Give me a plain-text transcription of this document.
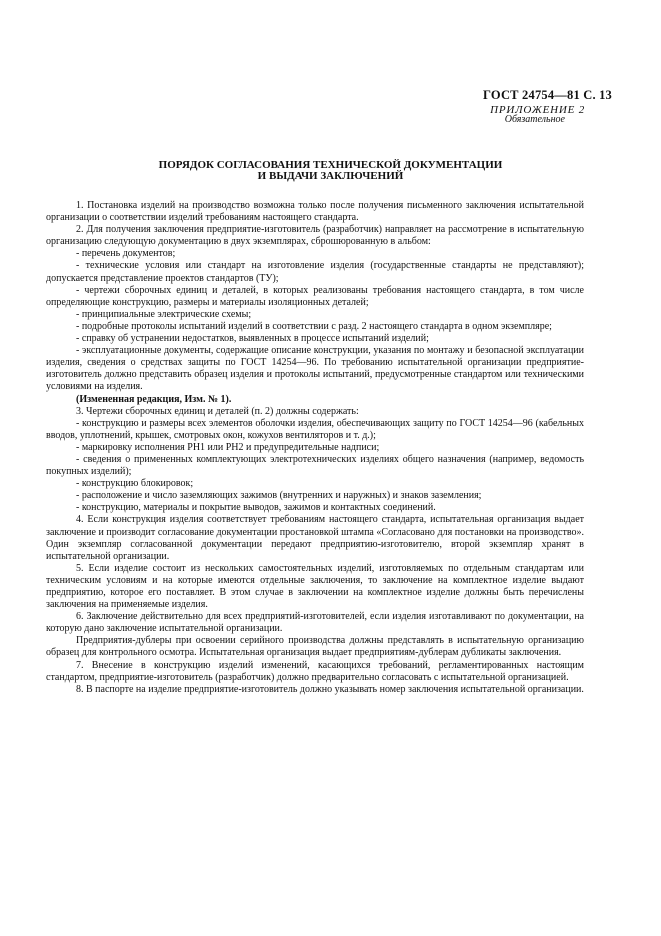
ГОСТ 24754—81 С. 13
ПРИЛОЖЕНИЕ 2
Обязательное
ПОРЯДОК СОГЛАСОВАНИЯ ТЕХНИЧЕСКОЙ ДОКУМЕНТАЦИИ
И ВЫДАЧИ ЗАКЛЮЧЕНИЙ

1. Постановка изделий на производство возможна только после получения письменного заключения испытательной организации о соответствии изделий требованиям настоящего стандарта.

2. Для получения заключения предприятие-изготовитель (разработчик) направляет на рассмотрение в испытательную организацию следующую документацию в двух экземплярах, сброшюрованную в альбом:

- перечень документов;

- технические условия или стандарт на изготовление изделия (государственные стандарты не представляют); допускается представление проектов стандартов (ТУ);

- чертежи сборочных единиц и деталей, в которых реализованы требования настоящего стандарта, в том числе определяющие конструкцию, размеры и материалы изоляционных деталей;

- принципиальные электрические схемы;

- подробные протоколы испытаний изделий в соответствии с разд. 2 настоящего стандарта в одном экземпляре;

- справку об устранении недостатков, выявленных в процессе испытаний изделий;

- эксплуатационные документы, содержащие описание конструкции, указания по монтажу и безопасной эксплуатации изделия, сведения о средствах защиты по ГОСТ 14254—96. По требованию испытательной организации предприятие-изготовитель должно представить образец изделия и протоколы испытаний, предусмотренные стандартом или техническими условиями на изделия.

(Измененная редакция, Изм. № 1).

3. Чертежи сборочных единиц и деталей (п. 2) должны содержать:

- конструкцию и размеры всех элементов оболочки изделия, обеспечивающих защиту по ГОСТ 14254—96 (кабельных вводов, уплотнений, крышек, смотровых окон, кожухов вентиляторов и т. д.);

- маркировку исполнения РН1 или РН2 и предупредительные надписи;

- сведения о примененных комплектующих электротехнических изделиях общего назначения (например, ведомость покупных изделий);

- конструкцию блокировок;

- расположение и число заземляющих зажимов (внутренних и наружных) и знаков заземления;

- конструкцию, материалы и покрытие выводов, зажимов и контактных соединений.

4. Если конструкция изделия соответствует требованиям настоящего стандарта, испытательная организация выдает заключение и производит согласование документации простановкой штампа «Согласовано для постановки на производство». Один экземпляр согласованной документации передают предприятию-изготовителю, второй экземпляр хранят в испытательной организации.

5. Если изделие состоит из нескольких самостоятельных изделий, изготовляемых по отдельным стандартам или техническим условиям и на которые имеются отдельные заключения, то заключение на комплектное изделие выдают предприятию, которое его поставляет. В этом случае в заключении на комплектное изделие должны быть перечислены заключения на применяемые изделия.

6. Заключение действительно для всех предприятий-изготовителей, если изделия изготавливают по документации, на которую дано заключение испытательной организации.

Предприятия-дублеры при освоении серийного производства должны представлять в испытательную организацию образец для контрольного осмотра. Испытательная организация выдает предприятиям-дублерам дубликаты заключения.

7. Внесение в конструкцию изделий изменений, касающихся требований, регламентированных настоящим стандартом, предприятие-изготовитель (разработчик) должно предварительно согласовать с испытательной организацией.

8. В паспорте на изделие предприятие-изготовитель должно указывать номер заключения испытательной организации.
